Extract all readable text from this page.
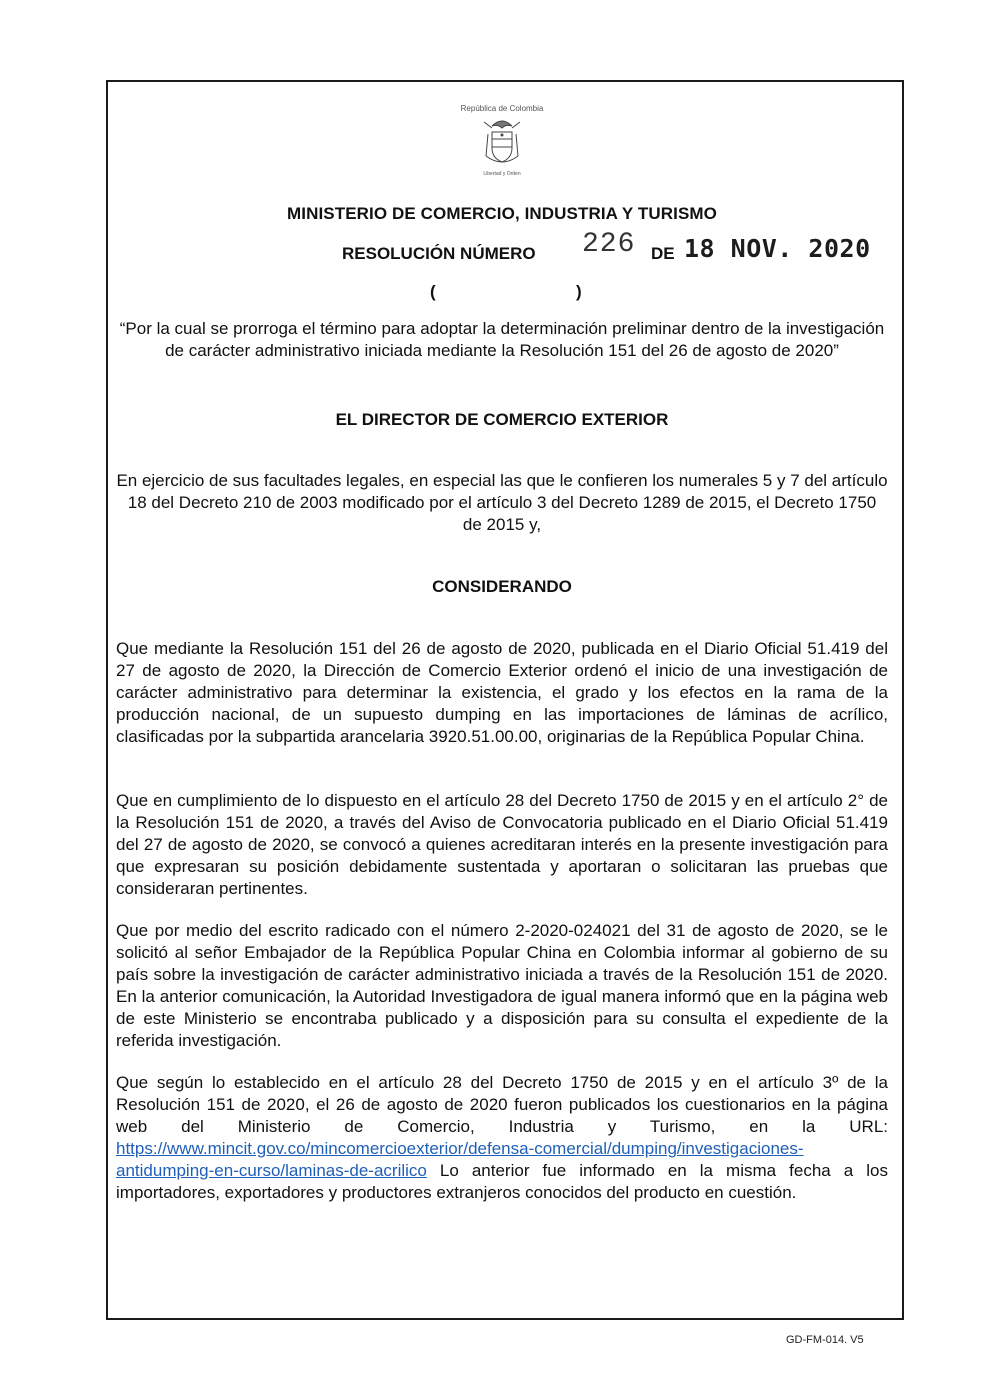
República de Colombia
Libertad y Orden
MINISTERIO DE COMERCIO, INDUSTRIA Y TURISMO
RESOLUCIÓN NÚMERO 226 DE 18 NOV. 2020
(	)
“Por la cual se prorroga el término para adoptar la determinación preliminar dentro de la investigación de carácter administrativo iniciada mediante la Resolución 151 del 26 de agosto de 2020”
EL DIRECTOR DE COMERCIO EXTERIOR
En ejercicio de sus facultades legales, en especial las que le confieren los numerales 5 y 7 del artículo 18 del Decreto 210 de 2003 modificado por el artículo 3 del Decreto 1289 de 2015, el Decreto 1750 de 2015 y,
CONSIDERANDO
Que mediante la Resolución 151 del 26 de agosto de 2020, publicada en el Diario Oficial 51.419 del 27 de agosto de 2020, la Dirección de Comercio Exterior ordenó el inicio de una investigación de carácter administrativo para determinar la existencia, el grado y los efectos en la rama de la producción nacional, de un supuesto dumping en las importaciones de láminas de acrílico, clasificadas por la subpartida arancelaria 3920.51.00.00, originarias de la República Popular China.
Que en cumplimiento de lo dispuesto en el artículo 28 del Decreto 1750 de 2015 y en el artículo 2° de la Resolución 151 de 2020, a través del Aviso de Convocatoria publicado en el Diario Oficial 51.419 del 27 de agosto de 2020, se convocó a quienes acreditaran interés en la presente investigación para que expresaran su posición debidamente sustentada y aportaran o solicitaran las pruebas que consideraran pertinentes.
Que por medio del escrito radicado con el número 2-2020-024021 del 31 de agosto de 2020, se le solicitó al señor Embajador de la República Popular China en Colombia informar al gobierno de su país sobre la investigación de carácter administrativo iniciada a través de la Resolución 151 de 2020. En la anterior comunicación, la Autoridad Investigadora de igual manera informó que en la página web de este Ministerio se encontraba publicado y a disposición para su consulta el expediente de la referida investigación.
Que según lo establecido en el artículo 28 del Decreto 1750 de 2015 y en el artículo 3º de la Resolución 151 de 2020, el 26 de agosto de 2020 fueron publicados los cuestionarios en la página web del Ministerio de Comercio, Industria y Turismo, en la URL: https://www.mincit.gov.co/mincomercioexterior/defensa-comercial/dumping/investigaciones-antidumping-en-curso/laminas-de-acrilico Lo anterior fue informado en la misma fecha a los importadores, exportadores y productores extranjeros conocidos del producto en cuestión.
GD-FM-014. V5
